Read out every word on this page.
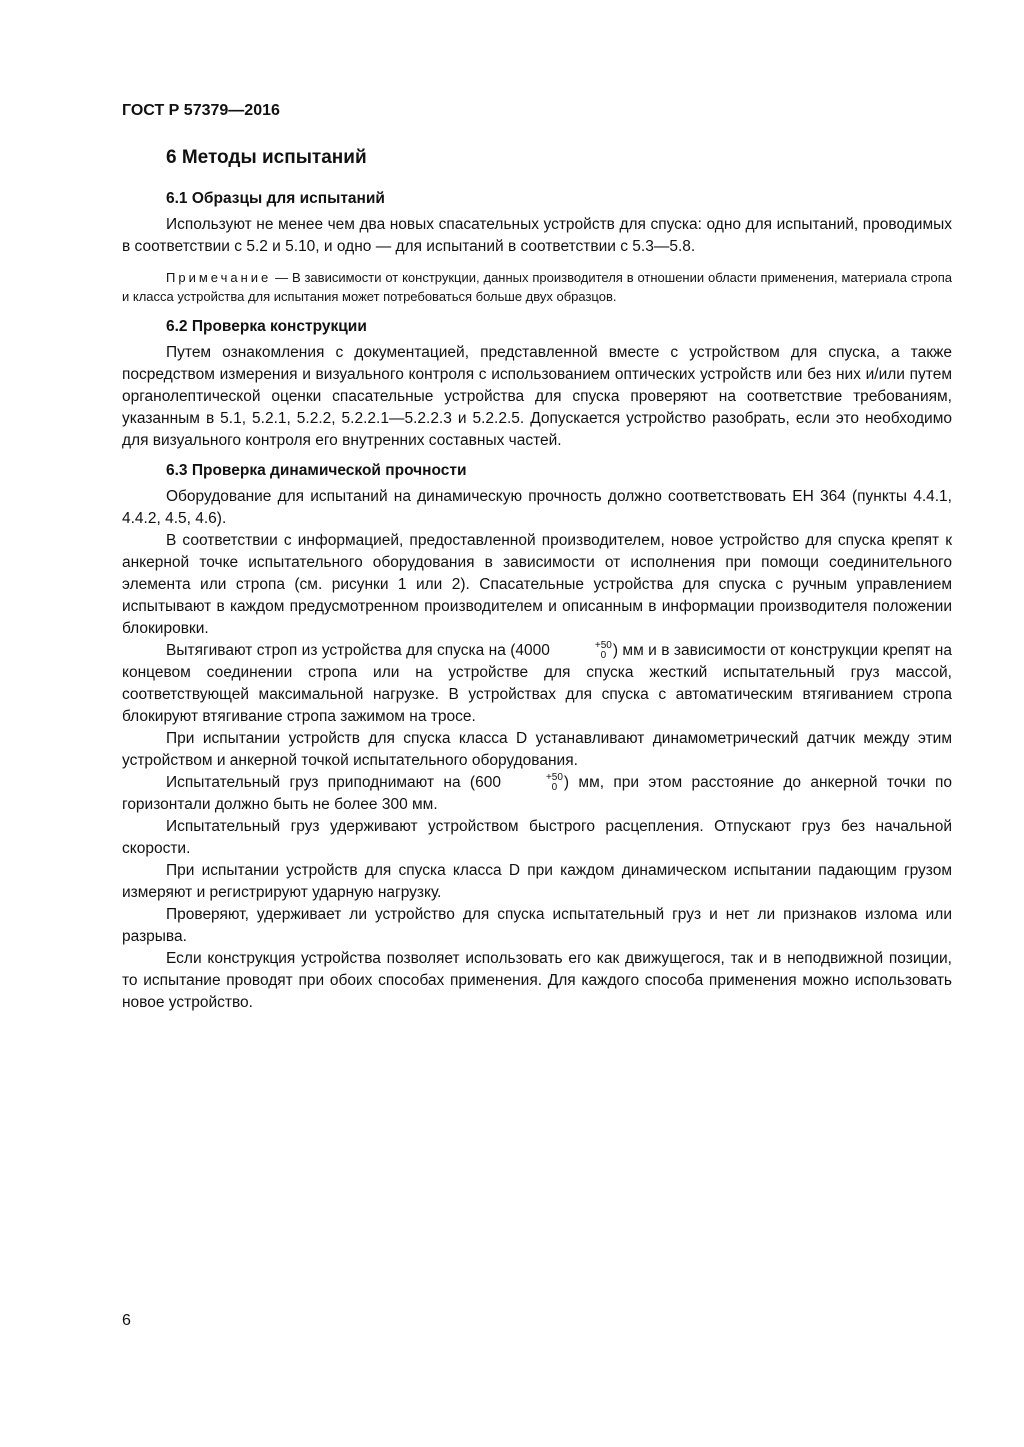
ГОСТ Р 57379—2016
6 Методы испытаний
6.1 Образцы для испытаний

Используют не менее чем два новых спасательных устройств для спуска: одно для испытаний, проводимых в соответствии с 5.2 и 5.10, и одно — для испытаний в соответствии с 5.3—5.8.

Примечание — В зависимости от конструкции, данных производителя в отношении области применения, материала стропа и класса устройства для испытания может потребоваться больше двух образцов.

6.2 Проверка конструкции

Путем ознакомления с документацией, представленной вместе с устройством для спуска, а также посредством измерения и визуального контроля с использованием оптических устройств или без них и/или путем органолептической оценки спасательные устройства для спуска проверяют на соответствие требованиям, указанным в 5.1, 5.2.1, 5.2.2, 5.2.2.1—5.2.2.3 и 5.2.2.5. Допускается устройство разобрать, если это необходимо для визуального контроля его внутренних составных частей.

6.3 Проверка динамической прочности

Оборудование для испытаний на динамическую прочность должно соответствовать ЕН 364 (пункты 4.4.1, 4.4.2, 4.5, 4.6).

В соответствии с информацией, предоставленной производителем, новое устройство для спуска крепят к анкерной точке испытательного оборудования в зависимости от исполнения при помощи соединительного элемента или стропа (см. рисунки 1 или 2). Спасательные устройства для спуска с ручным управлением испытывают в каждом предусмотренном производителем и описанным в информации производителя положении блокировки.

Вытягивают строп из устройства для спуска на (4000	+50
0 ) мм и в зависимости от конструкции крепят на концевом соединении стропа или на устройстве для спуска жесткий испытательный груз массой, соответствующей максимальной нагрузке. В устройствах для спуска с автоматическим втягиванием стропа блокируют втягивание стропа зажимом на тросе.

При испытании устройств для спуска класса D устанавливают динамометрический датчик между этим устройством и анкерной точкой испытательного оборудования.

Испытательный груз приподнимают на (600	+50
0 ) мм, при этом расстояние до анкерной точки по горизонтали должно быть не более 300 мм.

Испытательный груз удерживают устройством быстрого расцепления. Отпускают груз без начальной скорости.

При испытании устройств для спуска класса D при каждом динамическом испытании падающим грузом измеряют и регистрируют ударную нагрузку.

Проверяют, удерживает ли устройство для спуска испытательный груз и нет ли признаков излома или разрыва.

Если конструкция устройства позволяет использовать его как движущегося, так и в неподвижной позиции, то испытание проводят при обоих способах применения. Для каждого способа применения можно использовать новое устройство.

6
